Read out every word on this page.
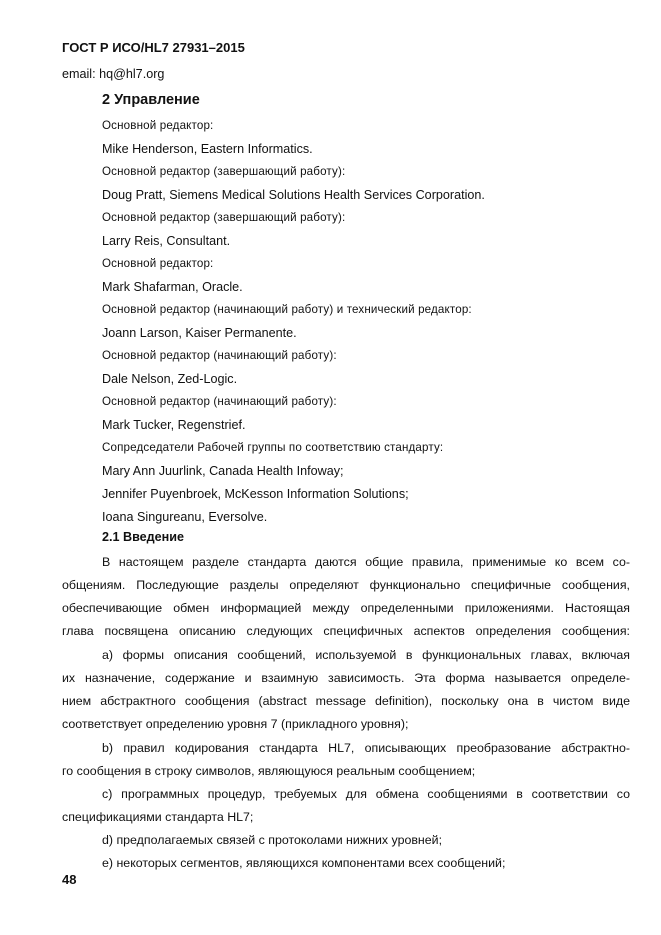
ГОСТ Р ИСО/HL7 27931–2015
email: hq@hl7.org
2 Управление
Основной редактор:
Mike Henderson, Eastern Informatics.
Основной редактор (завершающий работу):
Doug Pratt, Siemens Medical Solutions Health Services Corporation.
Основной редактор (завершающий работу):
Larry Reis, Consultant.
Основной редактор:
Mark Shafarman, Oracle.
Основной редактор (начинающий работу) и технический редактор:
Joann Larson, Kaiser Permanente.
Основной редактор (начинающий работу):
Dale Nelson, Zed-Logic.
Основной редактор (начинающий работу):
Mark Tucker, Regenstrief.
Сопредседатели Рабочей группы по соответствию стандарту:
Mary Ann Juurlink, Canada Health Infoway;
Jennifer Puyenbroek, McKesson Information Solutions;
Ioana Singureanu, Eversolve.
2.1 Введение
В настоящем разделе стандарта даются общие правила, применимые ко всем со-
общениям. Последующие разделы определяют функционально специфичные сообщения,
обеспечивающие обмен информацией между определенными приложениями. Настоящая
глава посвящена описанию следующих специфичных аспектов определения сообщения:
а) формы описания сообщений, используемой в функциональных главах, включая
их назначение, содержание и взаимную зависимость. Эта форма называется определе-
нием абстрактного сообщения (abstract message definition), поскольку она в чистом виде
соответствует определению уровня 7 (прикладного уровня);
b) правил кодирования стандарта HL7, описывающих преобразование абстрактно-
го сообщения в строку символов, являющуюся реальным сообщением;
с) программных процедур, требуемых для обмена сообщениями в соответствии со
спецификациями стандарта HL7;
d) предполагаемых связей с протоколами нижних уровней;
е) некоторых сегментов, являющихся компонентами всех сообщений;
48
